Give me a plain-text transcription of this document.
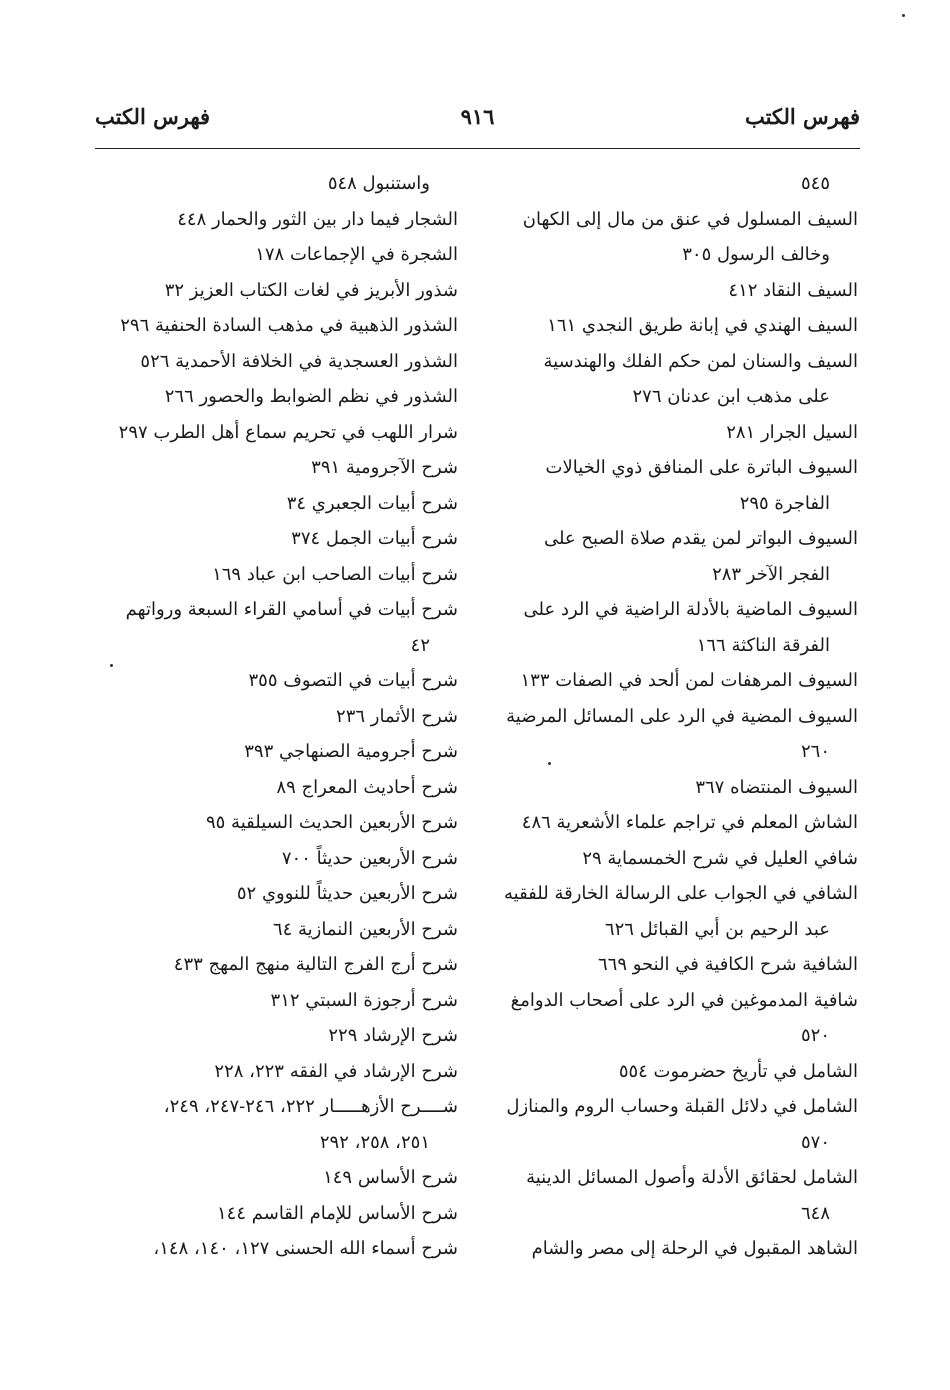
فهرس الكتب
٩١٦
فهرس الكتب
٥٤٥
السيف المسلول في عنق من مال إلى الكهان
وخالف الرسول ٣٠٥
السيف النقاد ٤١٢
السيف الهندي في إبانة طريق النجدي ١٦١
السيف والسنان لمن حكم الفلك والهندسية
على مذهب ابن عدنان ٢٧٦
السيل الجرار ٢٨١
السيوف الباترة على المنافق ذوي الخيالات
الفاجرة ٢٩٥
السيوف البواتر لمن يقدم صلاة الصبح على
الفجر الآخر ٢٨٣
السيوف الماضية بالأدلة الراضية في الرد على
الفرقة الناكثة ١٦٦
السيوف المرهفات لمن ألحد في الصفات ١٣٣
السيوف المضية في الرد على المسائل المرضية
٢٦٠
السيوف المنتضاه ٣٦٧
الشاش المعلم في تراجم علماء الأشعرية ٤٨٦
شافي العليل في شرح الخمسماية ٢٩
الشافي في الجواب على الرسالة الخارقة للفقيه
عبد الرحيم بن أبي القبائل ٦٢٦
الشافية شرح الكافية في النحو ٦٦٩
شافية المدموغين في الرد على أصحاب الدوامغ
٥٢٠
الشامل في تأريخ حضرموت ٥٥٤
الشامل في دلائل القبلة وحساب الروم والمنازل
٥٧٠
الشامل لحقائق الأدلة وأصول المسائل الدينية
٦٤٨
الشاهد المقبول في الرحلة إلى مصر والشام
واستنبول ٥٤٨
الشجار فيما دار بين الثور والحمار ٤٤٨
الشجرة في الإجماعات ١٧٨
شذور الأبريز في لغات الكتاب العزيز ٣٢
الشذور الذهبية في مذهب السادة الحنفية ٢٩٦
الشذور العسجدية في الخلافة الأحمدية ٥٢٦
الشذور في نظم الضوابط والحصور ٢٦٦
شرار اللهب في تحريم سماع أهل الطرب ٢٩٧
شرح الآجرومية ٣٩١
شرح أبيات الجعبري ٣٤
شرح أبيات الجمل ٣٧٤
شرح أبيات الصاحب ابن عباد ١٦٩
شرح أبيات في أسامي القراء السبعة ورواتهم
٤٢
شرح أبيات في التصوف ٣٥٥
شرح الأثمار ٢٣٦
شرح أجرومية الصنهاجي ٣٩٣
شرح أحاديث المعراج ٨٩
شرح الأربعين الحديث السيلقية ٩٥
شرح الأربعين حديثاً ٧٠٠
شرح الأربعين حديثاً للنووي ٥٢
شرح الأربعين النمازية ٦٤
شرح أرج الفرج التالية منهج المهج ٤٣٣
شرح أرجوزة السبتي ٣١٢
شرح الإرشاد ٢٢٩
شرح الإرشاد في الفقه ٢٢٣، ٢٢٨
شــــرح الأزهـــــار ٢٢٢، ٢٤٦-٢٤٧، ٢٤٩،
٢٥١، ٢٥٨، ٢٩٢
شرح الأساس ١٤٩
شرح الأساس للإمام القاسم ١٤٤
شرح أسماء الله الحسنى ١٢٧، ١٤٠، ١٤٨،
